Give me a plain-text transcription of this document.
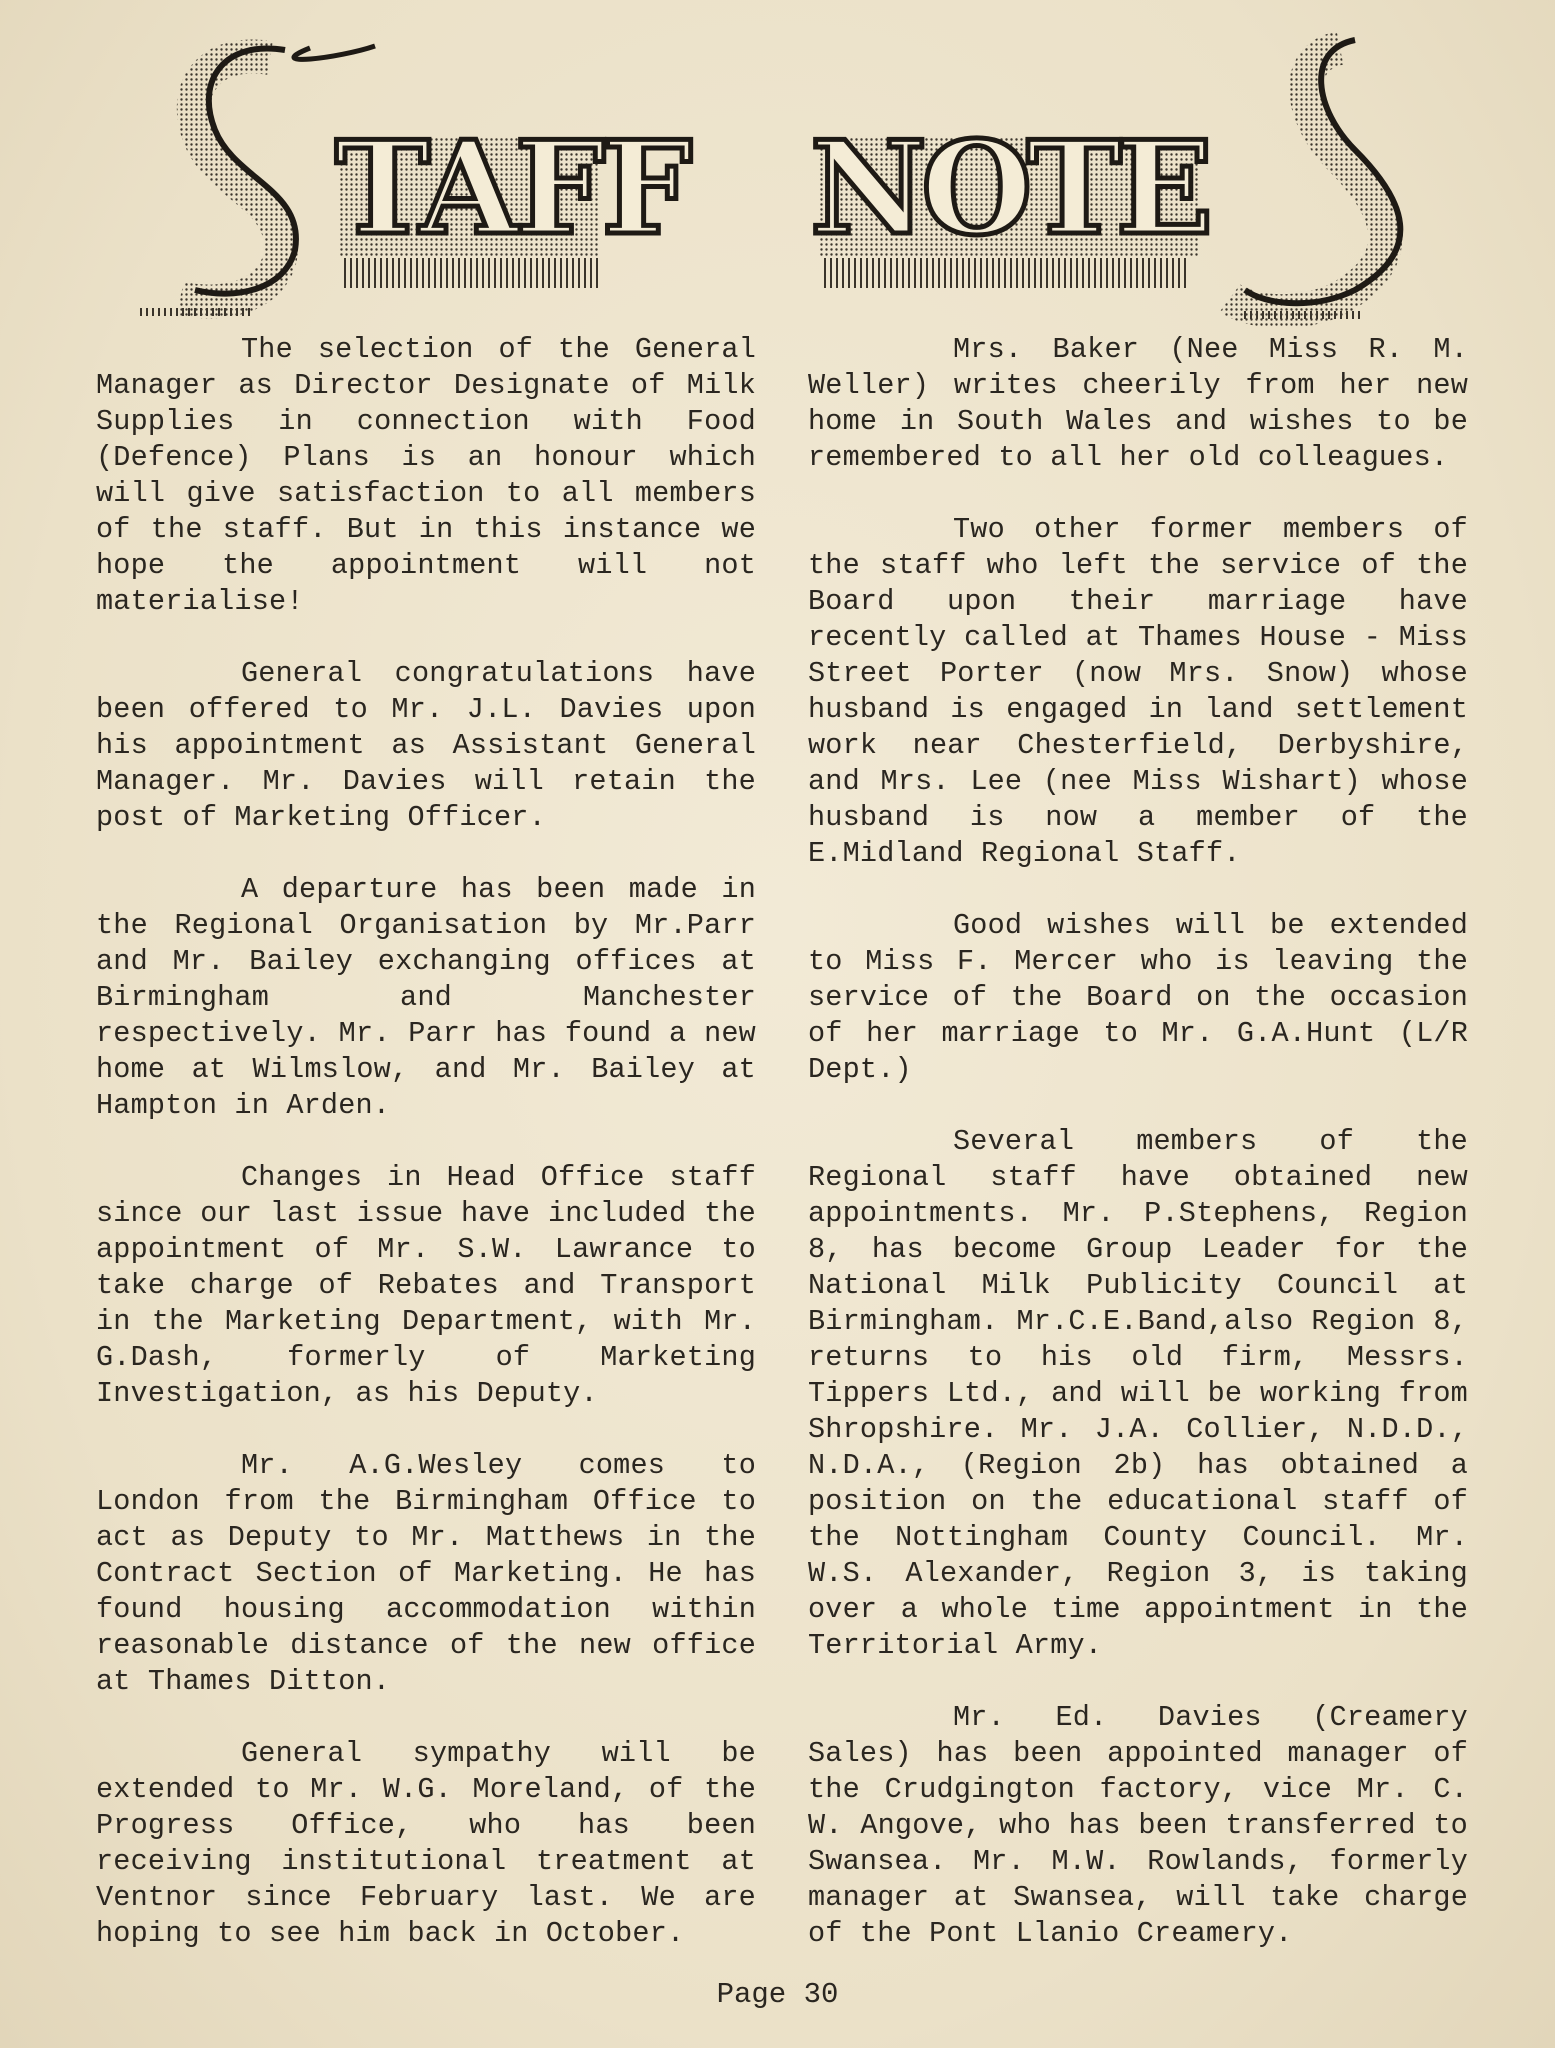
TAFF NOTE

The selection of the General Manager as Director Designate of Milk Supplies in connection with Food (Defence) Plans is an honour which will give satisfaction to all members of the staff. But in this instance we hope the appointment will not materialise!

General congratulations have been offered to Mr. J.L. Davies upon his appointment as Assistant General Manager. Mr. Davies will retain the post of Marketing Officer.

A departure has been made in the Regional Organisation by Mr.Parr and Mr. Bailey exchanging offices at Birmingham and Manchester respectively. Mr. Parr has found a new home at Wilmslow, and Mr. Bailey at Hampton in Arden.

Changes in Head Office staff since our last issue have included the appointment of Mr. S.W. Lawrance to take charge of Rebates and Transport in the Marketing Department, with Mr. G.Dash, formerly of Marketing Investigation, as his Deputy.

Mr. A.G.Wesley comes to London from the Birmingham Office to act as Deputy to Mr. Matthews in the Contract Section of Marketing. He has found housing accommodation within reasonable distance of the new office at Thames Ditton.

General sympathy will be extended to Mr. W.G. Moreland, of the Progress Office, who has been receiving institutional treatment at Ventnor since February last. We are hoping to see him back in October.

Mrs. Baker (Nee Miss R. M. Weller) writes cheerily from her new home in South Wales and wishes to be remembered to all her old colleagues.

Two other former members of the staff who left the service of the Board upon their marriage have recently called at Thames House - Miss Street Porter (now Mrs. Snow) whose husband is engaged in land settlement work near Chesterfield, Derbyshire, and Mrs. Lee (nee Miss Wishart) whose husband is now a member of the E.Midland Regional Staff.

Good wishes will be extended to Miss F. Mercer who is leaving the service of the Board on the occasion of her marriage to Mr. G.A.Hunt (L/R Dept.)

Several members of the Regional staff have obtained new appointments. Mr. P.Stephens, Region 8, has become Group Leader for the National Milk Publicity Council at Birmingham. Mr.C.E.Band,also Region 8, returns to his old firm, Messrs. Tippers Ltd., and will be working from Shropshire. Mr. J.A. Collier, N.D.D., N.D.A., (Region 2b) has obtained a position on the educational staff of the Nottingham County Council. Mr. W.S. Alexander, Region 3, is taking over a whole time appointment in the Territorial Army.

Mr. Ed. Davies (Creamery Sales) has been appointed manager of the Crudgington factory, vice Mr. C. W. Angove, who has been transferred to Swansea. Mr. M.W. Rowlands, formerly manager at Swansea, will take charge of the Pont Llanio Creamery.

Page 30
